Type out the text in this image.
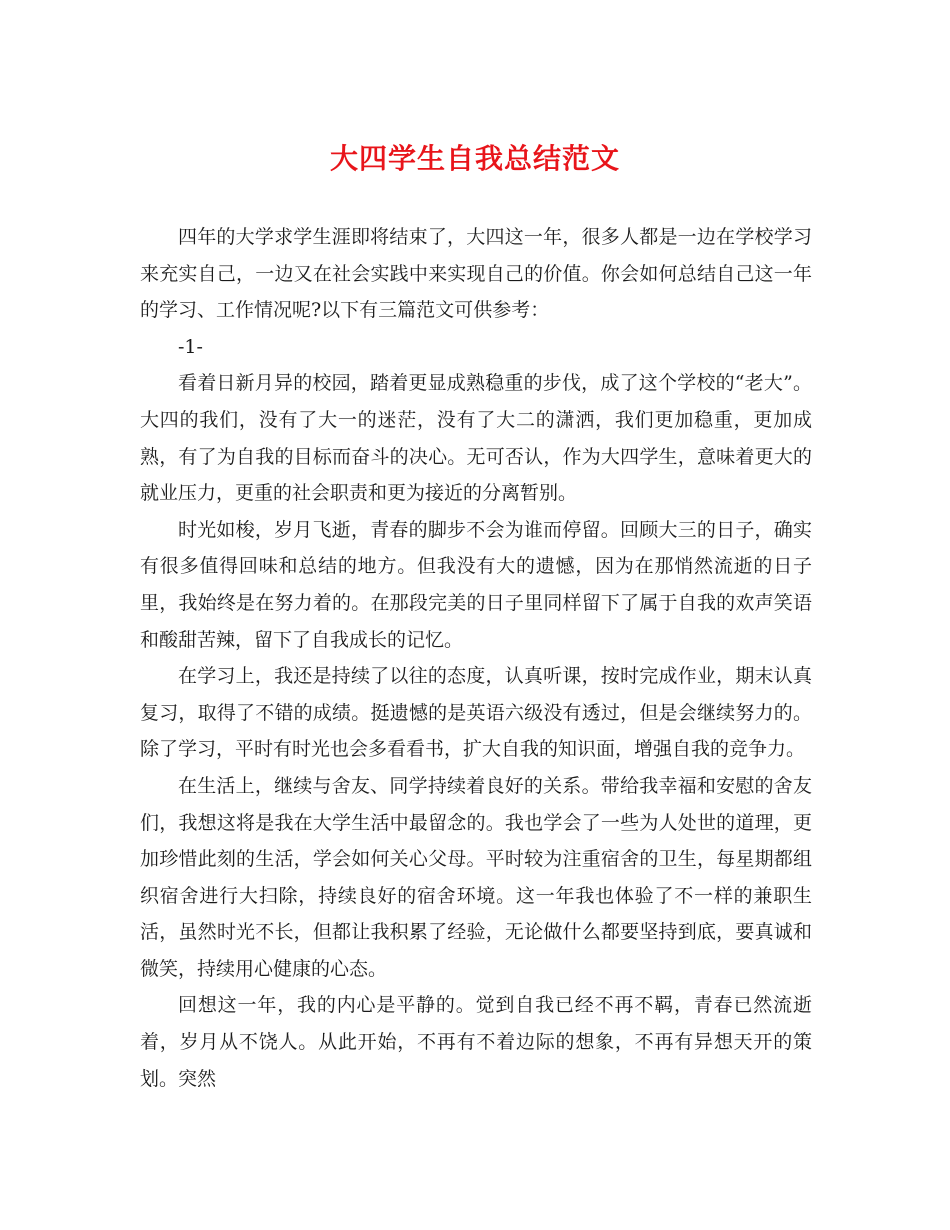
大四学生自我总结范文

四年的大学求学生涯即将结束了，大四这一年，很多人都是一边在学校学习来充实自己，一边又在社会实践中来实现自己的价值。你会如何总结自己这一年的学习、工作情况呢?以下有三篇范文可供参考：

-1-

看着日新月异的校园，踏着更显成熟稳重的步伐，成了这个学校的“老大”。大四的我们，没有了大一的迷茫，没有了大二的潇洒，我们更加稳重，更加成熟，有了为自我的目标而奋斗的决心。无可否认，作为大四学生，意味着更大的就业压力，更重的社会职责和更为接近的分离暂别。

时光如梭，岁月飞逝，青春的脚步不会为谁而停留。回顾大三的日子，确实有很多值得回味和总结的地方。但我没有大的遗憾，因为在那悄然流逝的日子里，我始终是在努力着的。在那段完美的日子里同样留下了属于自我的欢声笑语和酸甜苦辣，留下了自我成长的记忆。

在学习上，我还是持续了以往的态度，认真听课，按时完成作业，期末认真复习，取得了不错的成绩。挺遗憾的是英语六级没有透过，但是会继续努力的。除了学习，平时有时光也会多看看书，扩大自我的知识面，增强自我的竞争力。

在生活上，继续与舍友、同学持续着良好的关系。带给我幸福和安慰的舍友们，我想这将是我在大学生活中最留念的。我也学会了一些为人处世的道理，更加珍惜此刻的生活，学会如何关心父母。平时较为注重宿舍的卫生，每星期都组织宿舍进行大扫除，持续良好的宿舍环境。这一年我也体验了不一样的兼职生活，虽然时光不长，但都让我积累了经验，无论做什么都要坚持到底，要真诚和微笑，持续用心健康的心态。

回想这一年，我的内心是平静的。觉到自我已经不再不羁，青春已然流逝着，岁月从不饶人。从此开始，不再有不着边际的想象，不再有异想天开的策划。突然
